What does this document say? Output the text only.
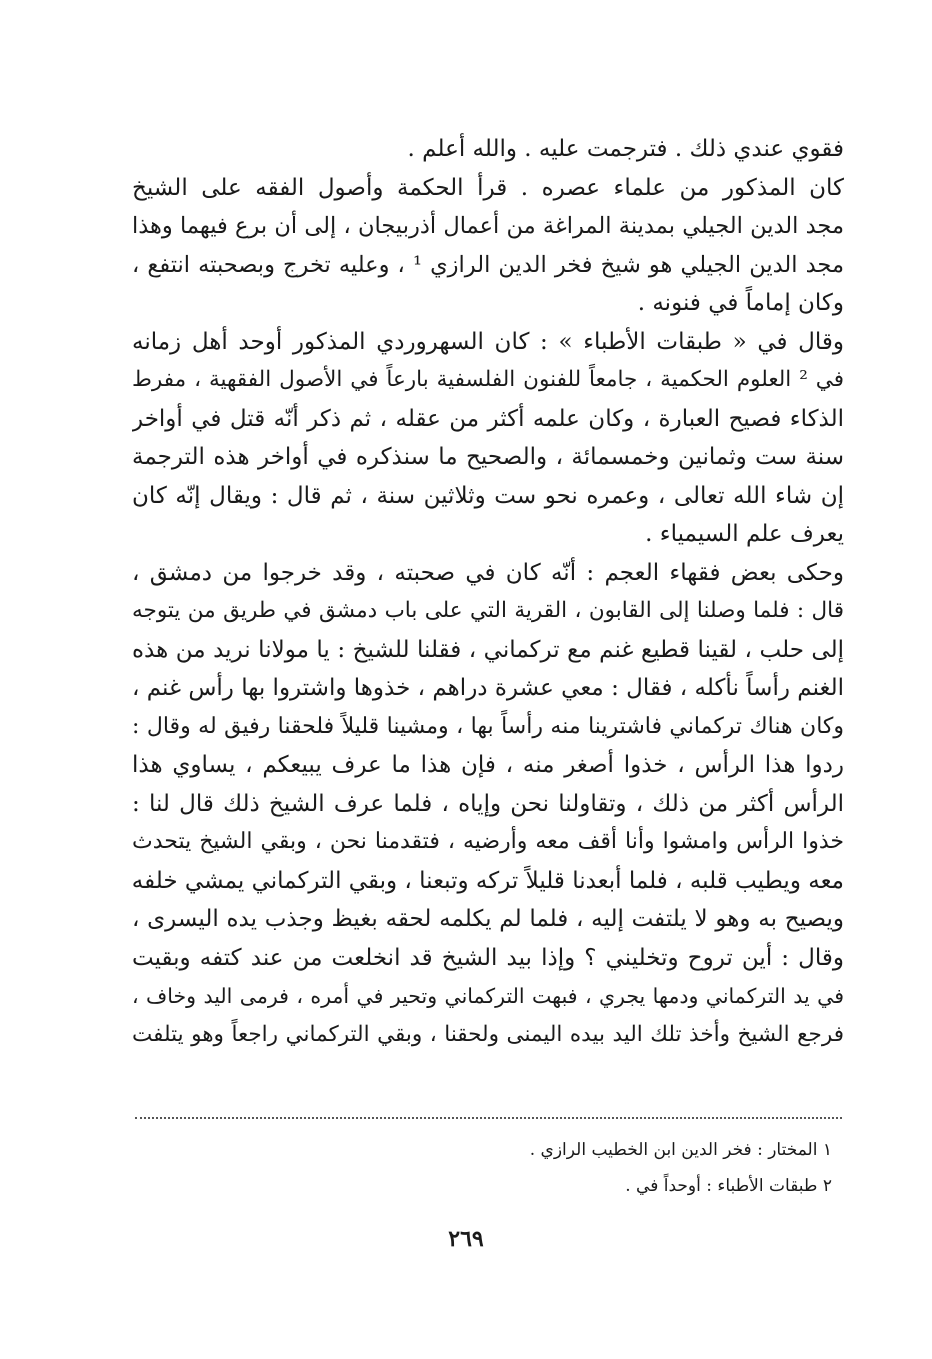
فقوي عندي ذلك . فترجمت عليه . والله أعلم .
كان المذكور من علماء عصره . قرأ الحكمة وأصول الفقه على الشيخ
مجد الدين الجيلي بمدينة المراغة من أعمال أذربيجان ، إلى أن برع فيهما وهذا
مجد الدين الجيلي هو شيخ فخر الدين الرازي ¹ ، وعليه تخرج وبصحبته انتفع ،
وكان إماماً في فنونه .
وقال في « طبقات الأطباء » : كان السهروردي المذكور أوحد أهل زمانه
في ² العلوم الحكمية ، جامعاً للفنون الفلسفية بارعاً في الأصول الفقهية ، مفرط
الذكاء فصيح العبارة ، وكان علمه أكثر من عقله ، ثم ذكر أنّه قتل في أواخر
سنة ست وثمانين وخمسمائة ، والصحيح ما سنذكره في أواخر هذه الترجمة
إن شاء الله تعالى ، وعمره نحو ست وثلاثين سنة ، ثم قال : ويقال إنّه كان
يعرف علم السيمياء .
وحكى بعض فقهاء العجم : أنّه كان في صحبته ، وقد خرجوا من دمشق ،
قال : فلما وصلنا إلى القابون ، القرية التي على باب دمشق في طريق من يتوجه
إلى حلب ، لقينا قطيع غنم مع تركماني ، فقلنا للشيخ : يا مولانا نريد من هذه
الغنم رأساً نأكله ، فقال : معي عشرة دراهم ، خذوها واشتروا بها رأس غنم ،
وكان هناك تركماني فاشترينا منه رأساً بها ، ومشينا قليلاً فلحقنا رفيق له وقال :
ردوا هذا الرأس ، خذوا أصغر منه ، فإن هذا ما عرف يبيعكم ، يساوي هذا
الرأس أكثر من ذلك ، وتقاولنا نحن وإياه ، فلما عرف الشيخ ذلك قال لنا :
خذوا الرأس وامشوا وأنا أقف معه وأرضيه ، فتقدمنا نحن ، وبقي الشيخ يتحدث
معه ويطيب قلبه ، فلما أبعدنا قليلاً تركه وتبعنا ، وبقي التركماني يمشي خلفه
ويصيح به وهو لا يلتفت إليه ، فلما لم يكلمه لحقه بغيظ وجذب يده اليسرى ،
وقال : أين تروح وتخليني ؟ وإذا بيد الشيخ قد انخلعت من عند كتفه وبقيت
في يد التركماني ودمها يجري ، فبهت التركماني وتحير في أمره ، فرمى اليد وخاف ،
فرجع الشيخ وأخذ تلك اليد بيده اليمنى ولحقنا ، وبقي التركماني راجعاً وهو يتلفت
١ المختار : فخر الدين ابن الخطيب الرازي .
٢ طبقات الأطباء : أوحداً في .
٢٦٩
